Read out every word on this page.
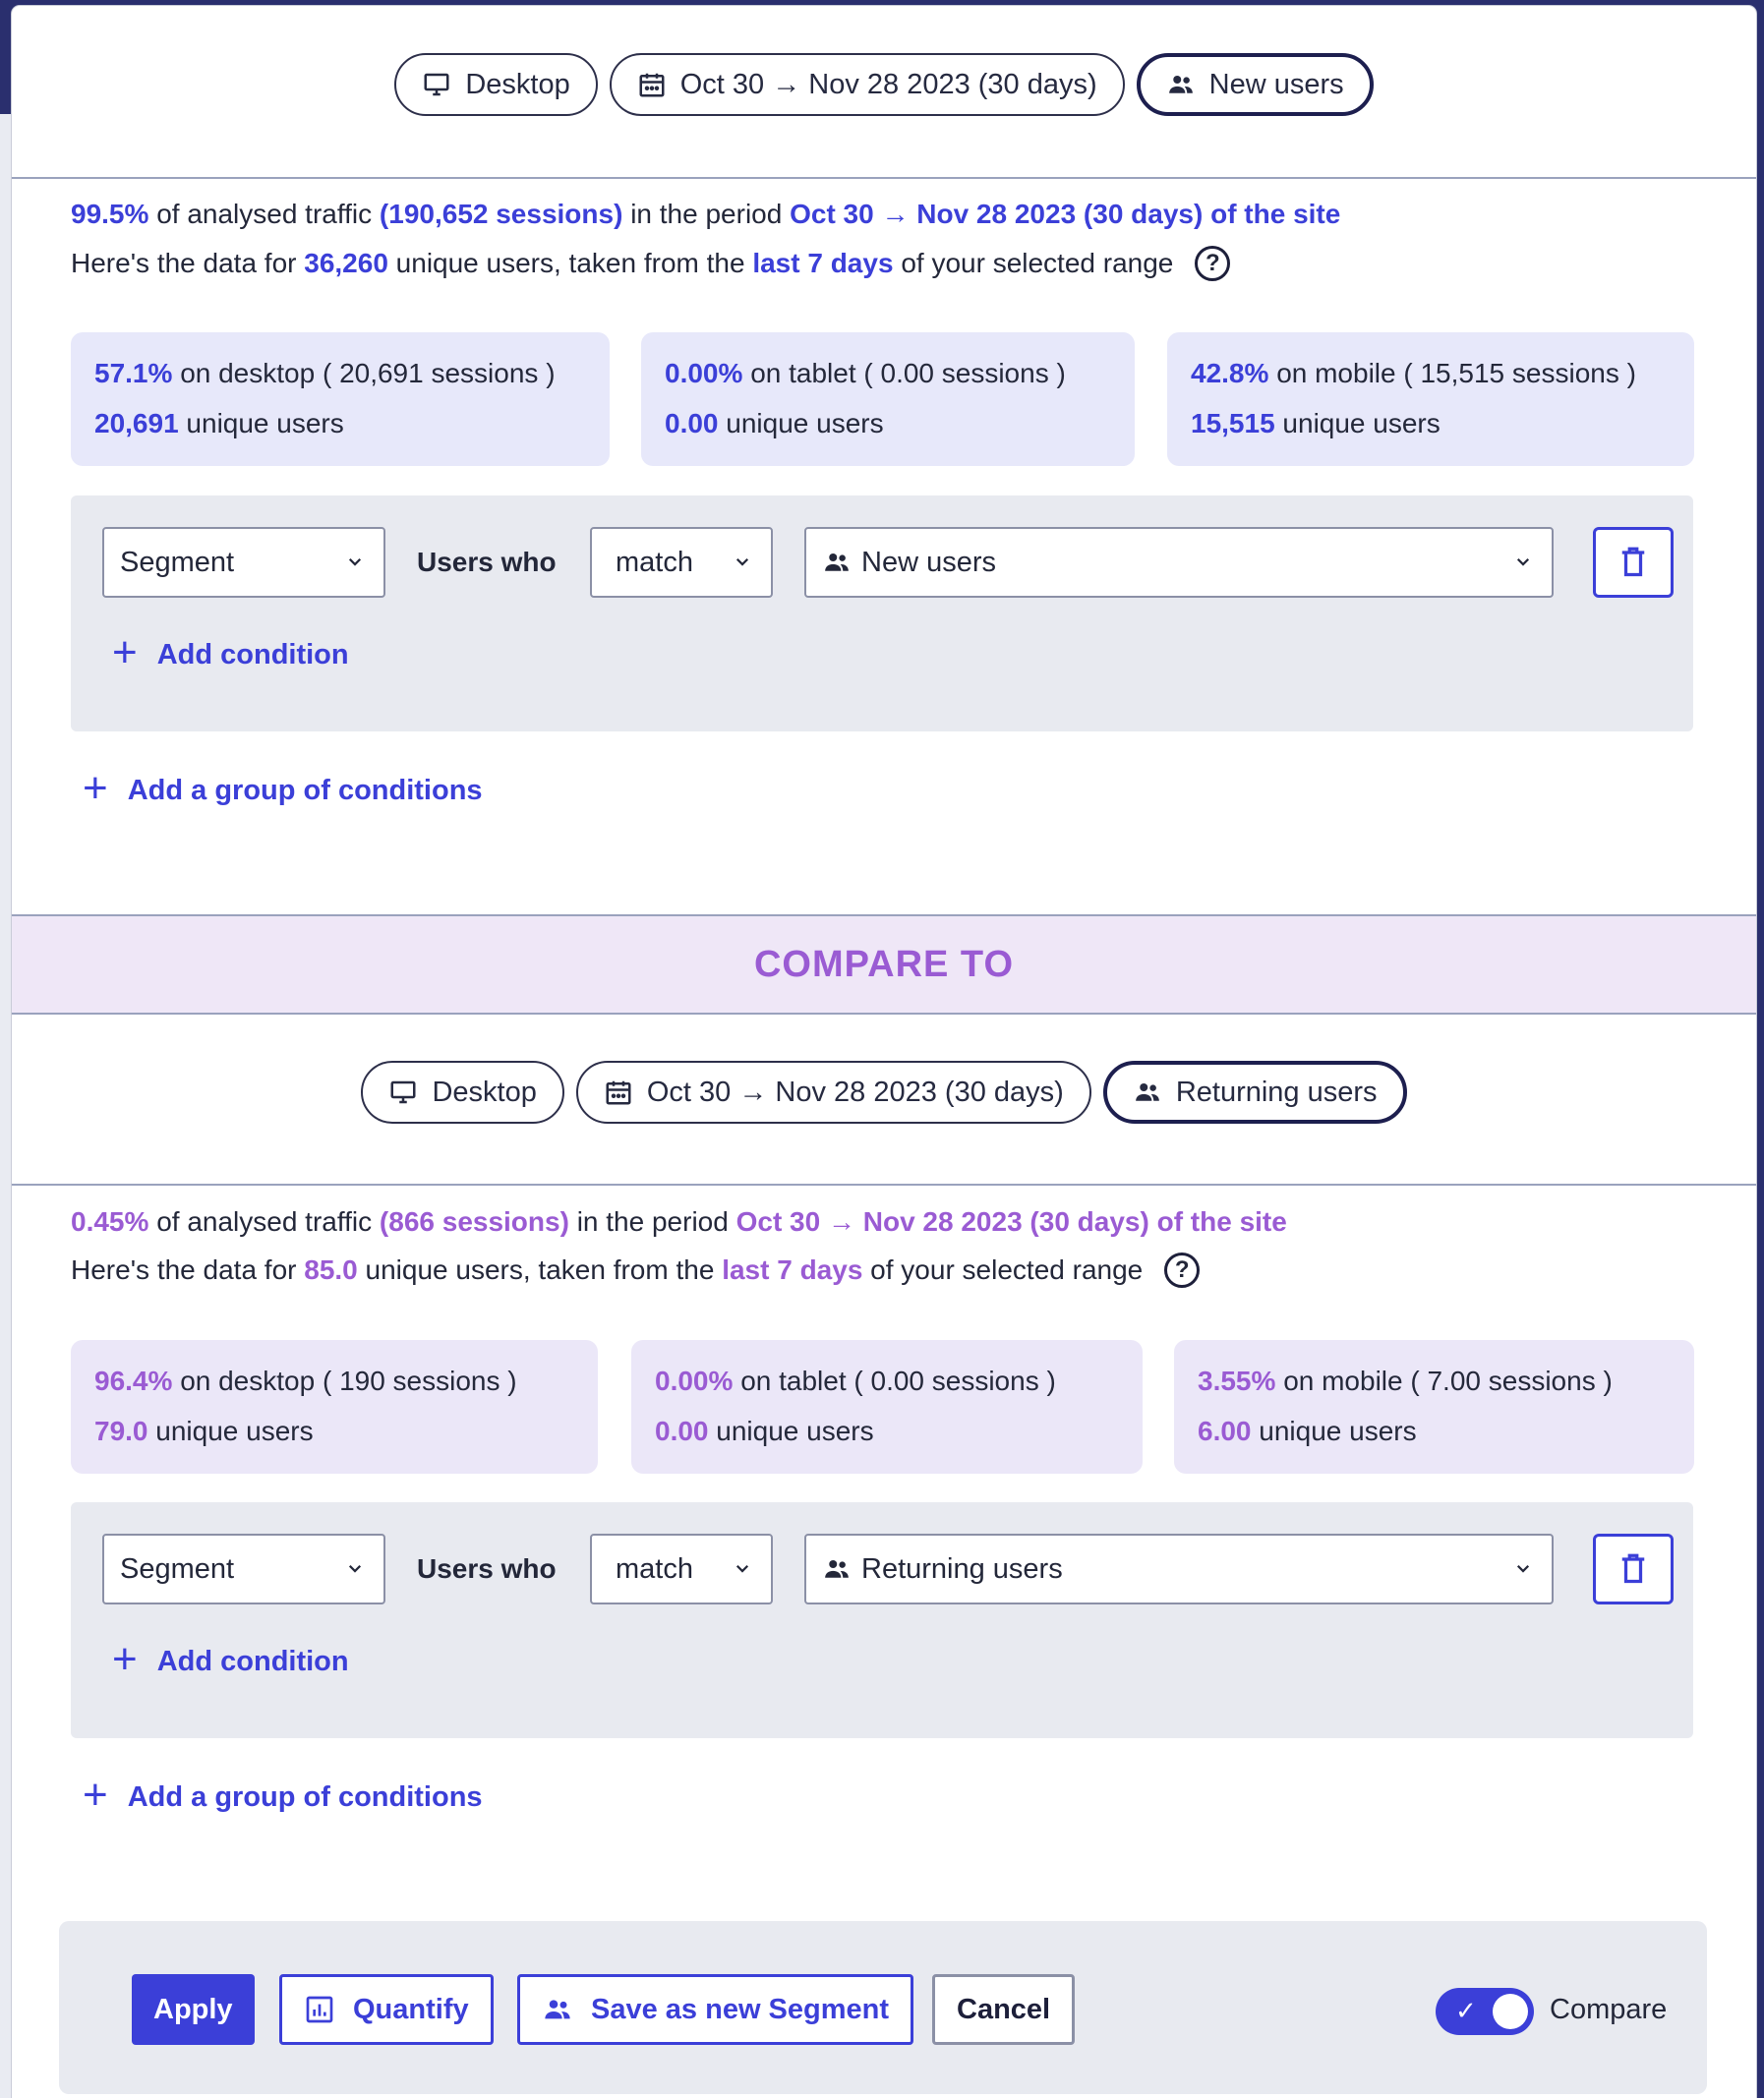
Desktop	Oct 30 → Nov 28 2023 (30 days)	New users
99.5%
of analysed traffic
(190,652 sessions)
in the period
Oct 30 → Nov 28 2023 (30 days) of the site
Here's the data for
36,260
unique users, taken from the
last 7 days
of your selected range	?
57.1%
on desktop ( 20,691 sessions )
20,691
unique users
0.00%
on tablet ( 0.00 sessions )
0.00
unique users
42.8%
on mobile ( 15,515 sessions )
15,515
unique users
Segment	Users who match	New users
+ Add condition
+ Add a group of conditions
COMPARE TO
Desktop	Oct 30 → Nov 28 2023 (30 days)	Returning users
0.45%
of analysed traffic
(866 sessions)
in the period
Oct 30 → Nov 28 2023 (30 days) of the site
Here's the data for
85.0
unique users, taken from the
last 7 days
of your selected range	?
96.4%
on desktop ( 190 sessions )
79.0
unique users
0.00%
on tablet ( 0.00 sessions )
0.00
unique users
3.55%
on mobile ( 7.00 sessions )
6.00
unique users
Segment	Users who match	Returning users
+ Add condition
+ Add a group of conditions
Apply	Quantify	Save as new Segment Cancel	✓	Compare
